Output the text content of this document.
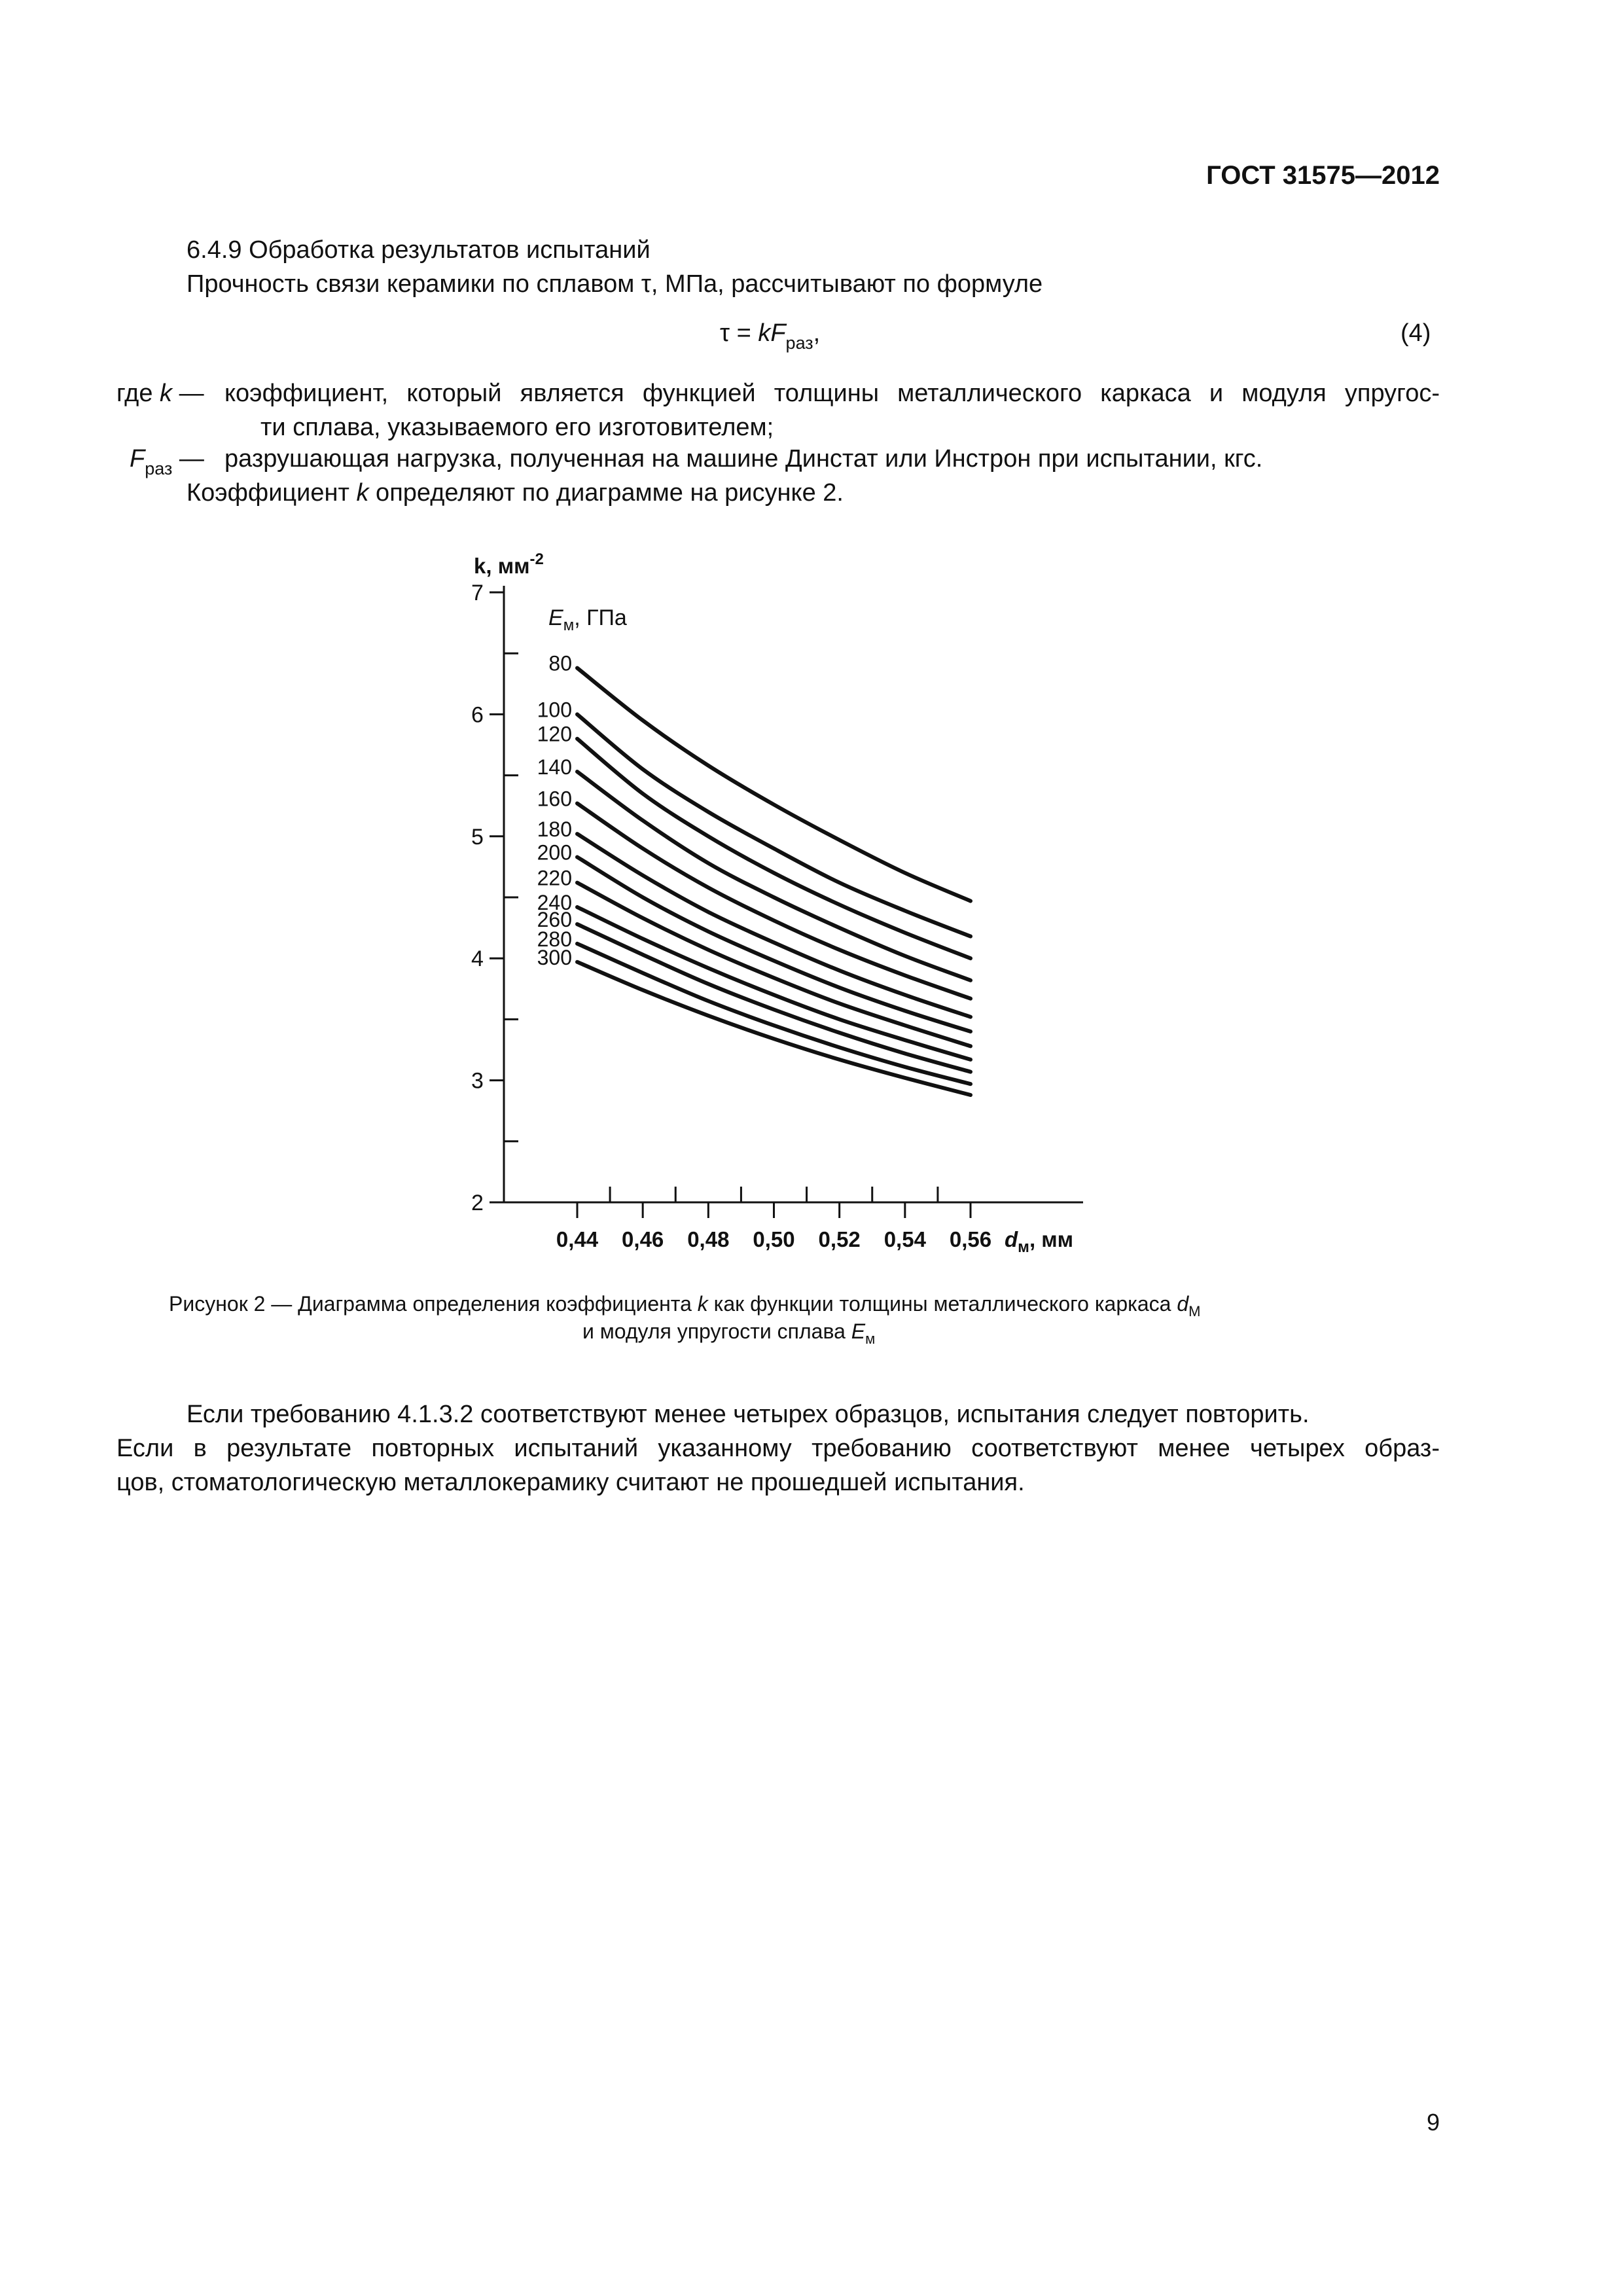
ГОСТ 31575—2012
6.4.9 Обработка результатов испытаний
Прочность связи керамики по сплавом τ, МПа, рассчитывают по формуле
$\tau = kF_{раз}$,	(4)
где k — коэффициент, который является функцией толщины металлического каркаса и модуля упругос-
ти сплава, указываемого его изготовителем;
$F_{раз}$ — разрушающая нагрузка, полученная на машине Динстат или Инстрон при испытании, кгс.
Коэффициент k определяют по диаграмме на рисунке 2.
2
3
4
5
6
7
0,44 0,46 0,48 0,50 0,52 0,54 0,56 $d_м$, мм
k, $мм^{-2}$
$E_м$, ГПа
80
100
120
140
160
180
200
220
240
260
280
300
Рисунок 2 — Диаграмма определения коэффициента k как функции толщины металлического каркаса $d_М$
и модуля упругости сплава $E_м$
Если требованию 4.1.3.2 соответствуют менее четырех образцов, испытания следует повторить.
Если в результате повторных испытаний указанному требованию соответствуют менее четырех образ-
цов, стоматологическую металлокерамику считают не прошедшей испытания.
9
